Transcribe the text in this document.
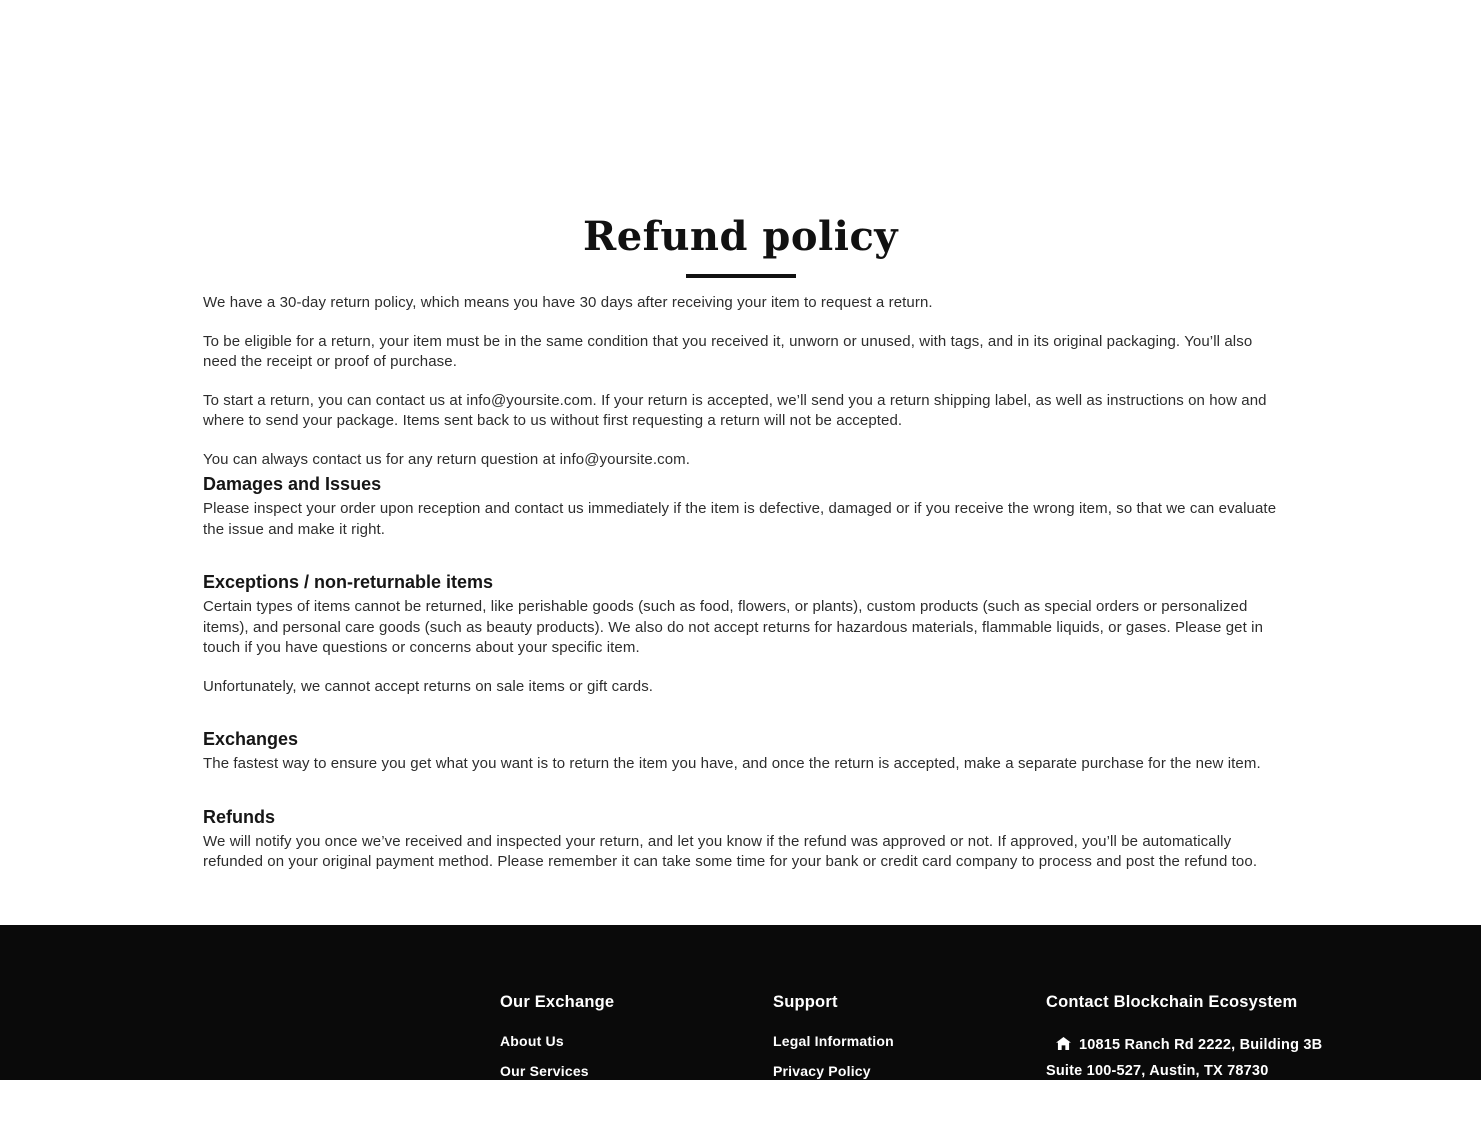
Refund policy

We have a 30-day return policy, which means you have 30 days after receiving your item to request a return.

To be eligible for a return, your item must be in the same condition that you received it, unworn or unused, with tags, and in its original packaging. You’ll also need the receipt or proof of purchase.

To start a return, you can contact us at info@yoursite.com. If your return is accepted, we’ll send you a return shipping label, as well as instructions on how and where to send your package. Items sent back to us without first requesting a return will not be accepted.

You can always contact us for any return question at info@yoursite.com.

Damages and Issues

Please inspect your order upon reception and contact us immediately if the item is defective, damaged or if you receive the wrong item, so that we can evaluate the issue and make it right.

Exceptions / non-returnable items

Certain types of items cannot be returned, like perishable goods (such as food, flowers, or plants), custom products (such as special orders or personalized items), and personal care goods (such as beauty products). We also do not accept returns for hazardous materials, flammable liquids, or gases. Please get in touch if you have questions or concerns about your specific item.

Unfortunately, we cannot accept returns on sale items or gift cards.

Exchanges

The fastest way to ensure you get what you want is to return the item you have, and once the return is accepted, make a separate purchase for the new item.

Refunds

We will notify you once we’ve received and inspected your return, and let you know if the refund was approved or not. If approved, you’ll be automatically refunded on your original payment method. Please remember it can take some time for your bank or credit card company to process and post the refund too.

Our Exchange
About Us
Our Services
Support
Legal Information
Privacy Policy
Contact Blockchain Ecosystem
10815 Ranch Rd 2222, Building 3B
Suite 100-527, Austin, TX 78730
+1 (512) 512-4777
